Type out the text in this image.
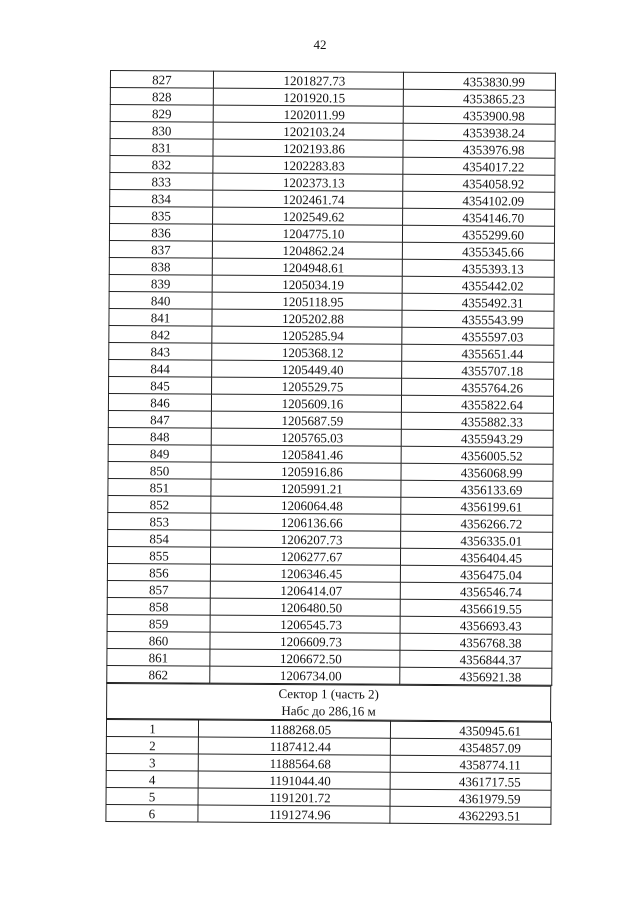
42
827	1201827.73	4353830.99
828	1201920.15	4353865.23
829	1202011.99	4353900.98
830	1202103.24	4353938.24
831	1202193.86	4353976.98
832	1202283.83	4354017.22
833	1202373.13	4354058.92
834	1202461.74	4354102.09
835	1202549.62	4354146.70
836	1204775.10	4355299.60
837	1204862.24	4355345.66
838	1204948.61	4355393.13
839	1205034.19	4355442.02
840	1205118.95	4355492.31
841	1205202.88	4355543.99
842	1205285.94	4355597.03
843	1205368.12	4355651.44
844	1205449.40	4355707.18
845	1205529.75	4355764.26
846	1205609.16	4355822.64
847	1205687.59	4355882.33
848	1205765.03	4355943.29
849	1205841.46	4356005.52
850	1205916.86	4356068.99
851	1205991.21	4356133.69
852	1206064.48	4356199.61
853	1206136.66	4356266.72
854	1206207.73	4356335.01
855	1206277.67	4356404.45
856	1206346.45	4356475.04
857	1206414.07	4356546.74
858	1206480.50	4356619.55
859	1206545.73	4356693.43
860	1206609.73	4356768.38
861	1206672.50	4356844.37
862	1206734.00	4356921.38
Сектор 1 (часть 2)
Набс до 286,16 м
1	1188268.05	4350945.61
2	1187412.44	4354857.09
3	1188564.68	4358774.11
4	1191044.40	4361717.55
5	1191201.72	4361979.59
6	1191274.96	4362293.51
